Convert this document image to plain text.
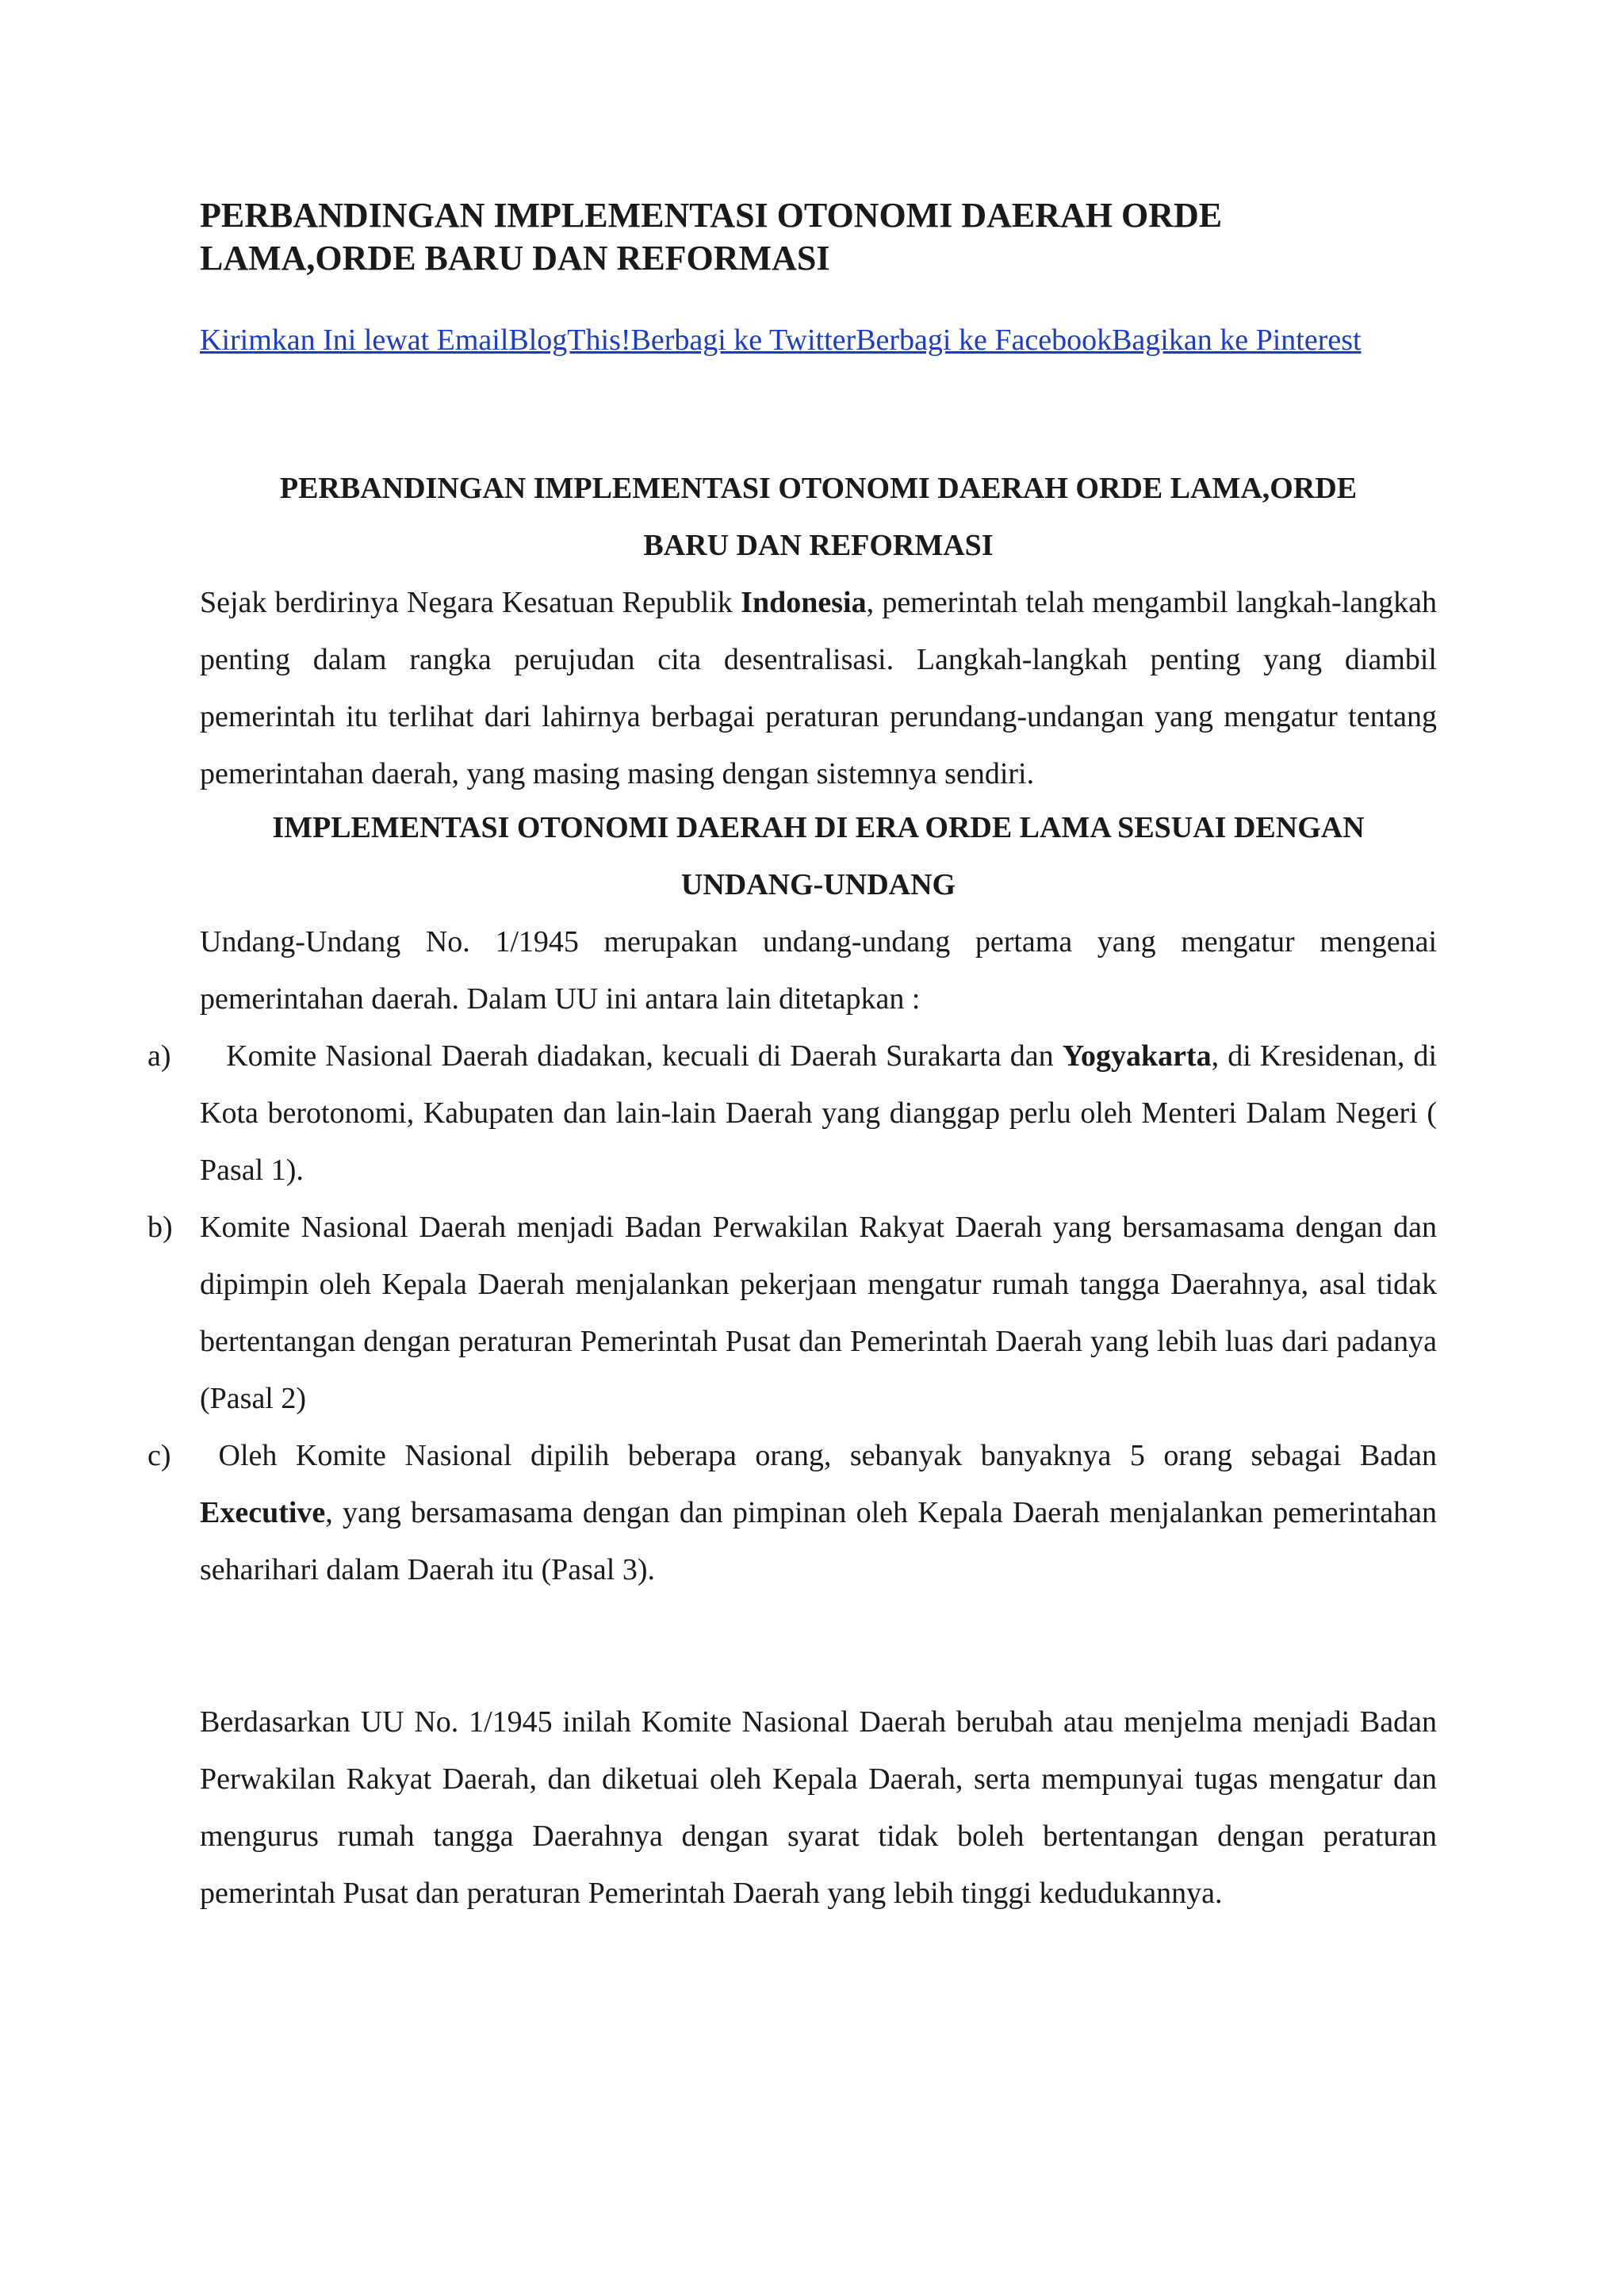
PERBANDINGAN IMPLEMENTASI OTONOMI DAERAH ORDE
LAMA,ORDE BARU DAN REFORMASI
Kirimkan Ini lewat EmailBlogThis!Berbagi ke TwitterBerbagi ke FacebookBagikan ke Pinterest
PERBANDINGAN IMPLEMENTASI OTONOMI DAERAH ORDE LAMA,ORDE
BARU DAN REFORMASI

Sejak berdirinya Negara Kesatuan Republik Indonesia, pemerintah telah mengambil langkah-langkah penting dalam rangka perujudan cita desentralisasi. Langkah-langkah penting yang diambil pemerintah itu terlihat dari lahirnya berbagai peraturan perundang-undangan yang mengatur tentang pemerintahan daerah, yang masing masing dengan sistemnya sendiri.

IMPLEMENTASI OTONOMI DAERAH DI ERA ORDE LAMA SESUAI DENGAN
UNDANG-UNDANG

Undang-Undang No. 1/1945 merupakan undang-undang pertama yang mengatur mengenai pemerintahan daerah. Dalam UU ini antara lain ditetapkan :

a) Komite Nasional Daerah diadakan, kecuali di Daerah Surakarta dan Yogyakarta, di Kresidenan, di Kota berotonomi, Kabupaten dan lain-lain Daerah yang dianggap perlu oleh Menteri Dalam Negeri ( Pasal 1).

b) Komite Nasional Daerah menjadi Badan Perwakilan Rakyat Daerah yang bersamasama dengan dan dipimpin oleh Kepala Daerah menjalankan pekerjaan mengatur rumah tangga Daerahnya, asal tidak bertentangan dengan peraturan Pemerintah Pusat dan Pemerintah Daerah yang lebih luas dari padanya (Pasal 2)

c) Oleh Komite Nasional dipilih beberapa orang, sebanyak banyaknya 5 orang sebagai Badan Executive, yang bersamasama dengan dan pimpinan oleh Kepala Daerah menjalankan pemerintahan seharihari dalam Daerah itu (Pasal 3).

Berdasarkan UU No. 1/1945 inilah Komite Nasional Daerah berubah atau menjelma menjadi Badan Perwakilan Rakyat Daerah, dan diketuai oleh Kepala Daerah, serta mempunyai tugas mengatur dan mengurus rumah tangga Daerahnya dengan syarat tidak boleh bertentangan dengan peraturan pemerintah Pusat dan peraturan Pemerintah Daerah yang lebih tinggi kedudukannya.
